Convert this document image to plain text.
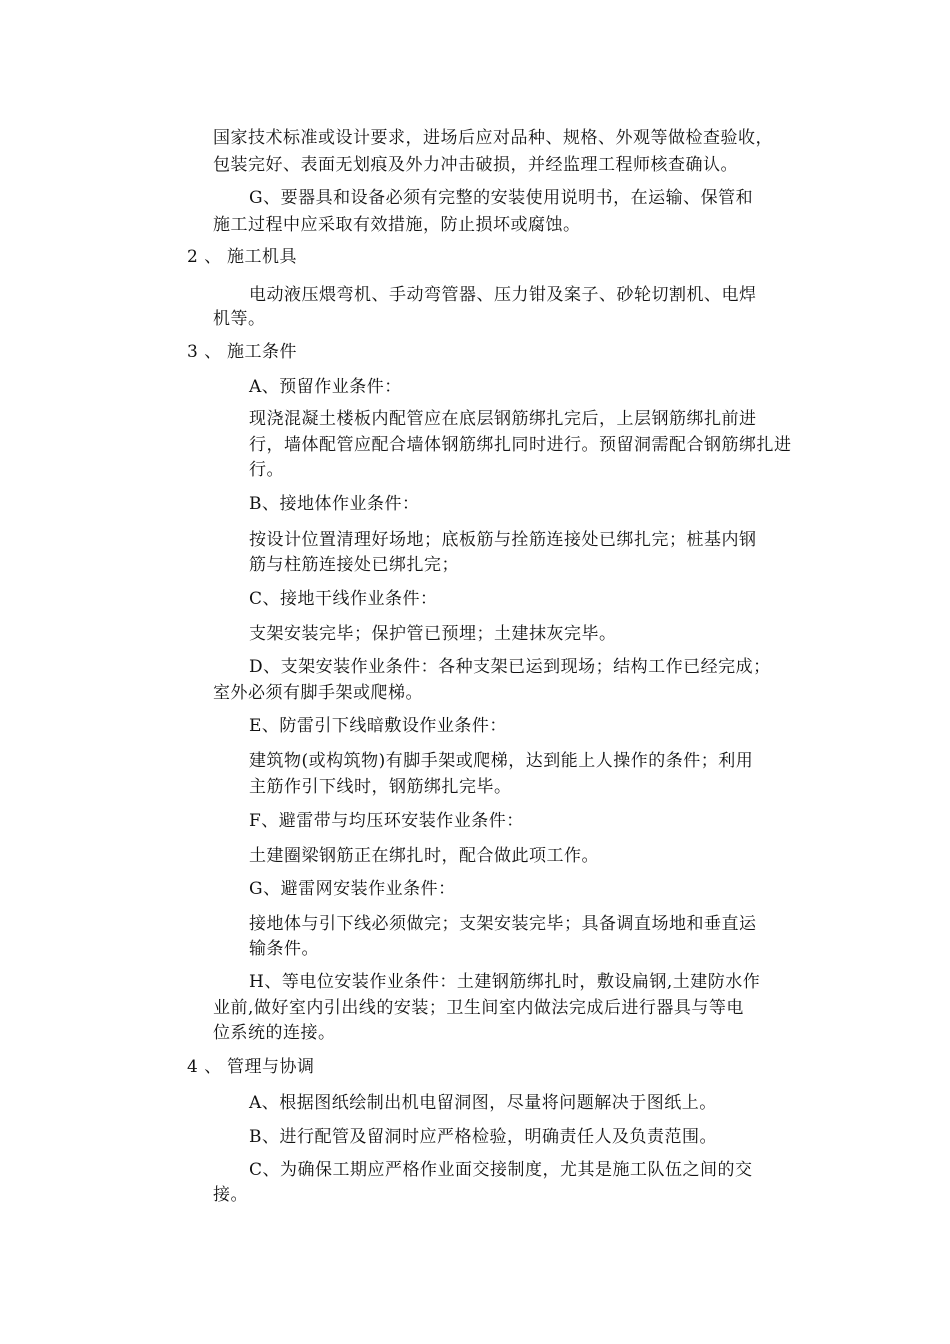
国家技术标准或设计要求，进场后应对品种、规格、外观等做检查验收，
包装完好、表面无划痕及外力冲击破损，并经监理工程师核查确认。
G、要器具和设备必须有完整的安装使用说明书，在运输、保管和
施工过程中应采取有效措施，防止损坏或腐蚀。
2 、 施工机具
电动液压煨弯机、手动弯管器、压力钳及案子、砂轮切割机、电焊
机等。
3 、 施工条件
A、预留作业条件：
现浇混凝土楼板内配管应在底层钢筋绑扎完后，上层钢筋绑扎前进
行，墙体配管应配合墙体钢筋绑扎同时进行。预留洞需配合钢筋绑扎进
行。
B、接地体作业条件：
按设计位置清理好场地；底板筋与拴筋连接处已绑扎完；桩基内钢
筋与柱筋连接处已绑扎完；
C、接地干线作业条件：
支架安装完毕；保护管已预埋；土建抹灰完毕。
D、支架安装作业条件：各种支架已运到现场；结构工作已经完成；
室外必须有脚手架或爬梯。
E、防雷引下线暗敷设作业条件：
建筑物(或构筑物)有脚手架或爬梯，达到能上人操作的条件；利用
主筋作引下线时，钢筋绑扎完毕。
F、避雷带与均压环安装作业条件：
土建圈梁钢筋正在绑扎时，配合做此项工作。
G、避雷网安装作业条件：
接地体与引下线必须做完；支架安装完毕；具备调直场地和垂直运
输条件。
H、等电位安装作业条件：土建钢筋绑扎时，敷设扁钢,土建防水作
业前,做好室内引出线的安装；卫生间室内做法完成后进行器具与等电
位系统的连接。
4 、 管理与协调
A、根据图纸绘制出机电留洞图，尽量将问题解决于图纸上。
B、进行配管及留洞时应严格检验，明确责任人及负责范围。
C、为确保工期应严格作业面交接制度，尤其是施工队伍之间的交
接。
